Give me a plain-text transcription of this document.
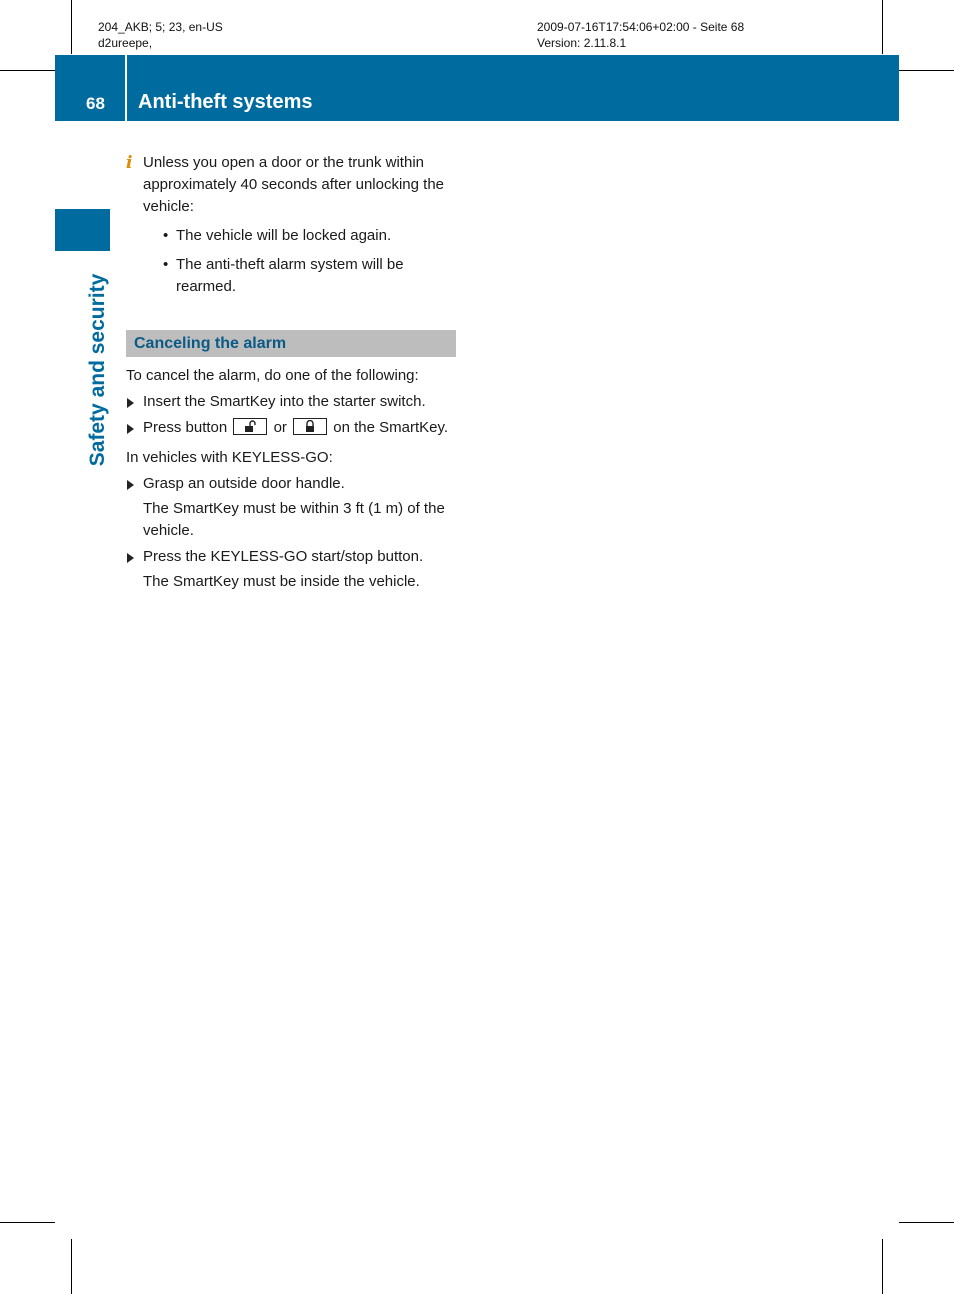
204_AKB; 5; 23, en-US
d2ureepe,
2009-07-16T17:54:06+02:00 - Seite 68
Version: 2.11.8.1
68 Anti-theft systems
Safety and security
i Unless you open a door or the trunk within approximately 40 seconds after unlocking the vehicle:

• The vehicle will be locked again.
• The anti-theft alarm system will be rearmed.
Canceling the alarm

To cancel the alarm, do one of the following:

Insert the SmartKey into the starter switch.
Press button	or	on the SmartKey.

In vehicles with KEYLESS-GO:

Grasp an outside door handle.
The SmartKey must be within 3 ft (1 m) of the vehicle.
Press the KEYLESS-GO start/stop button.
The SmartKey must be inside the vehicle.
